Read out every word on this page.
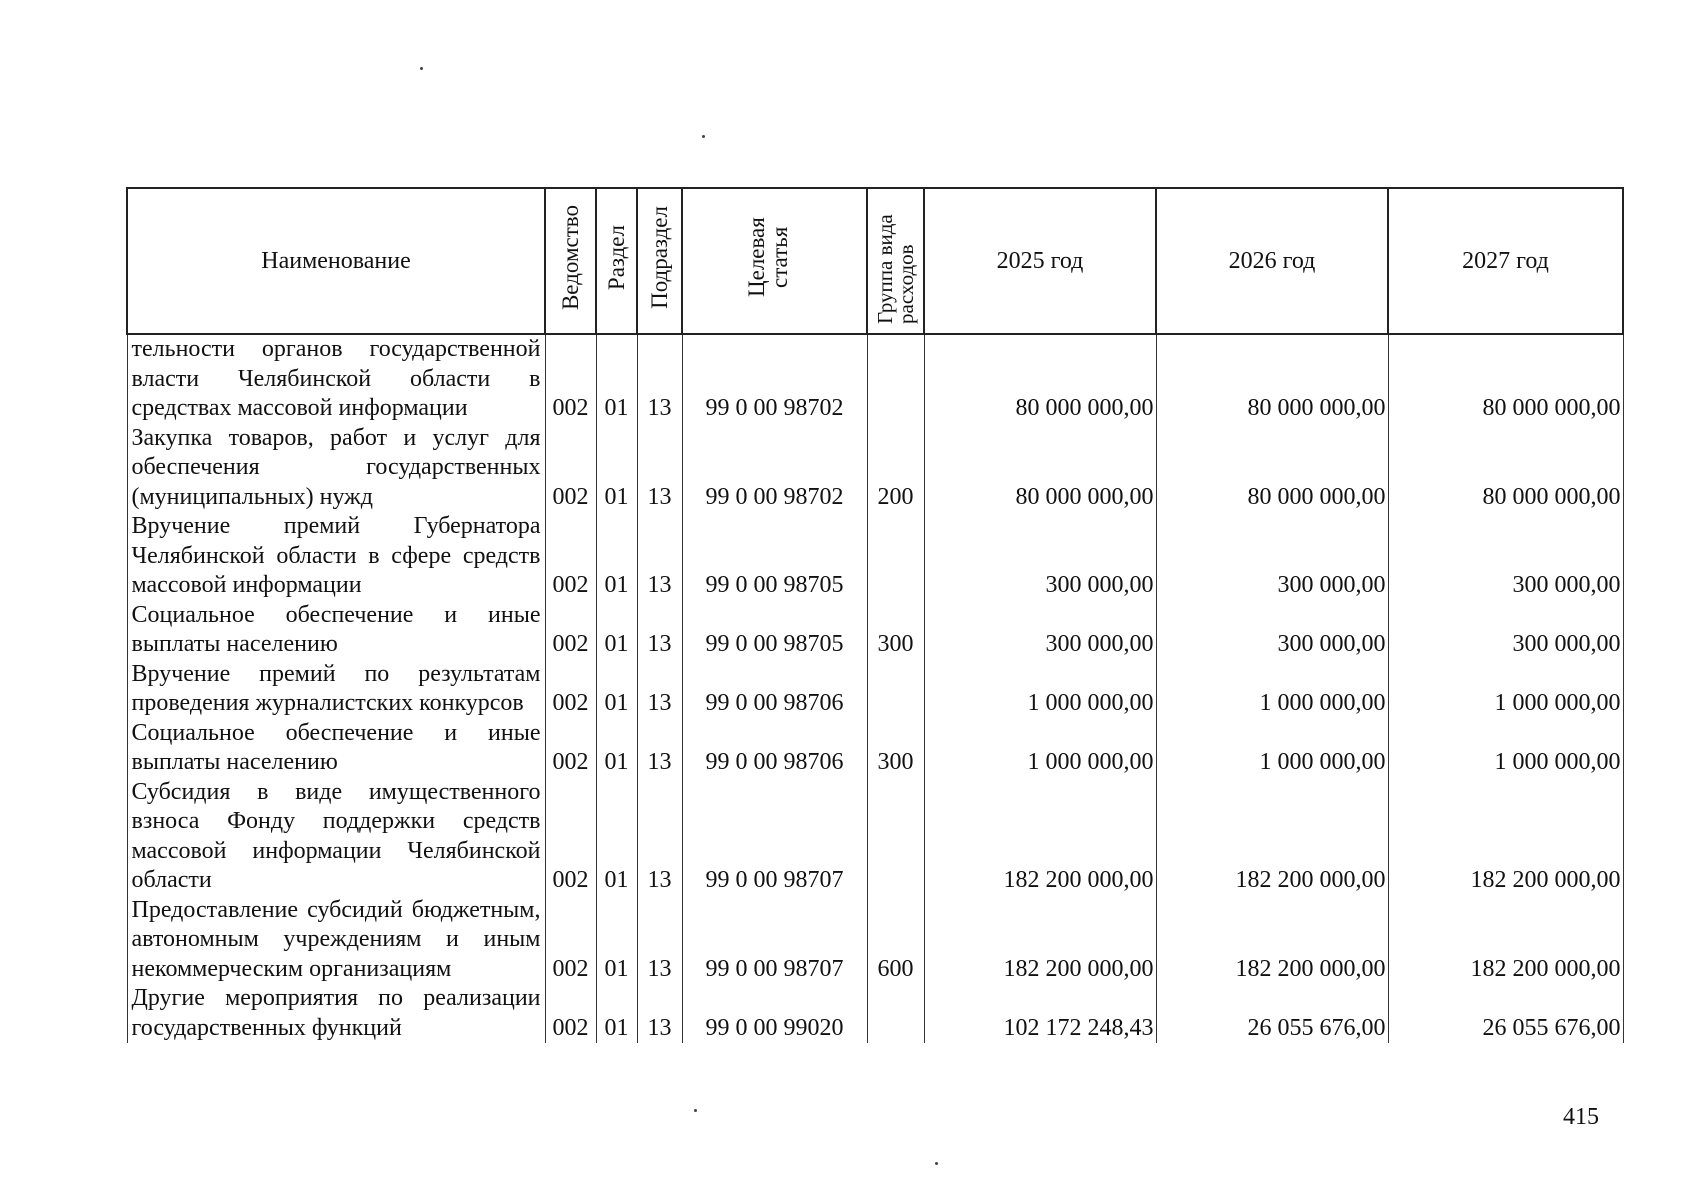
Наименование	Ведомство	Раздел	Подраздел	Целевая статья	Группа вида расходов	2025 год	2026 год	2027 год
тельности органов государственной власти Челябинской области в средствах массовой информации	002	01	13	99 0 00 98702		80 000 000,00	80 000 000,00	80 000 000,00
Закупка товаров, работ и услуг для обеспечения государственных (муниципальных) нужд	002	01	13	99 0 00 98702	200	80 000 000,00	80 000 000,00	80 000 000,00
Вручение премий Губернатора Челябинской области в сфере средств массовой информации	002	01	13	99 0 00 98705		300 000,00	300 000,00	300 000,00
Социальное обеспечение и иные выплаты населению	002	01	13	99 0 00 98705	300	300 000,00	300 000,00	300 000,00
Вручение премий по результатам проведения журналистских конкурсов	002	01	13	99 0 00 98706		1 000 000,00	1 000 000,00	1 000 000,00
Социальное обеспечение и иные выплаты населению	002	01	13	99 0 00 98706	300	1 000 000,00	1 000 000,00	1 000 000,00
Субсидия в виде имущественного взноса Фонду поддержки средств массовой информации Челябинской области	002	01	13	99 0 00 98707		182 200 000,00	182 200 000,00	182 200 000,00
Предоставление субсидий бюджетным, автономным учреждениям и иным некоммерческим организациям	002	01	13	99 0 00 98707	600	182 200 000,00	182 200 000,00	182 200 000,00
Другие мероприятия по реализации государственных функций	002	01	13	99 0 00 99020		102 172 248,43	26 055 676,00	26 055 676,00
415
